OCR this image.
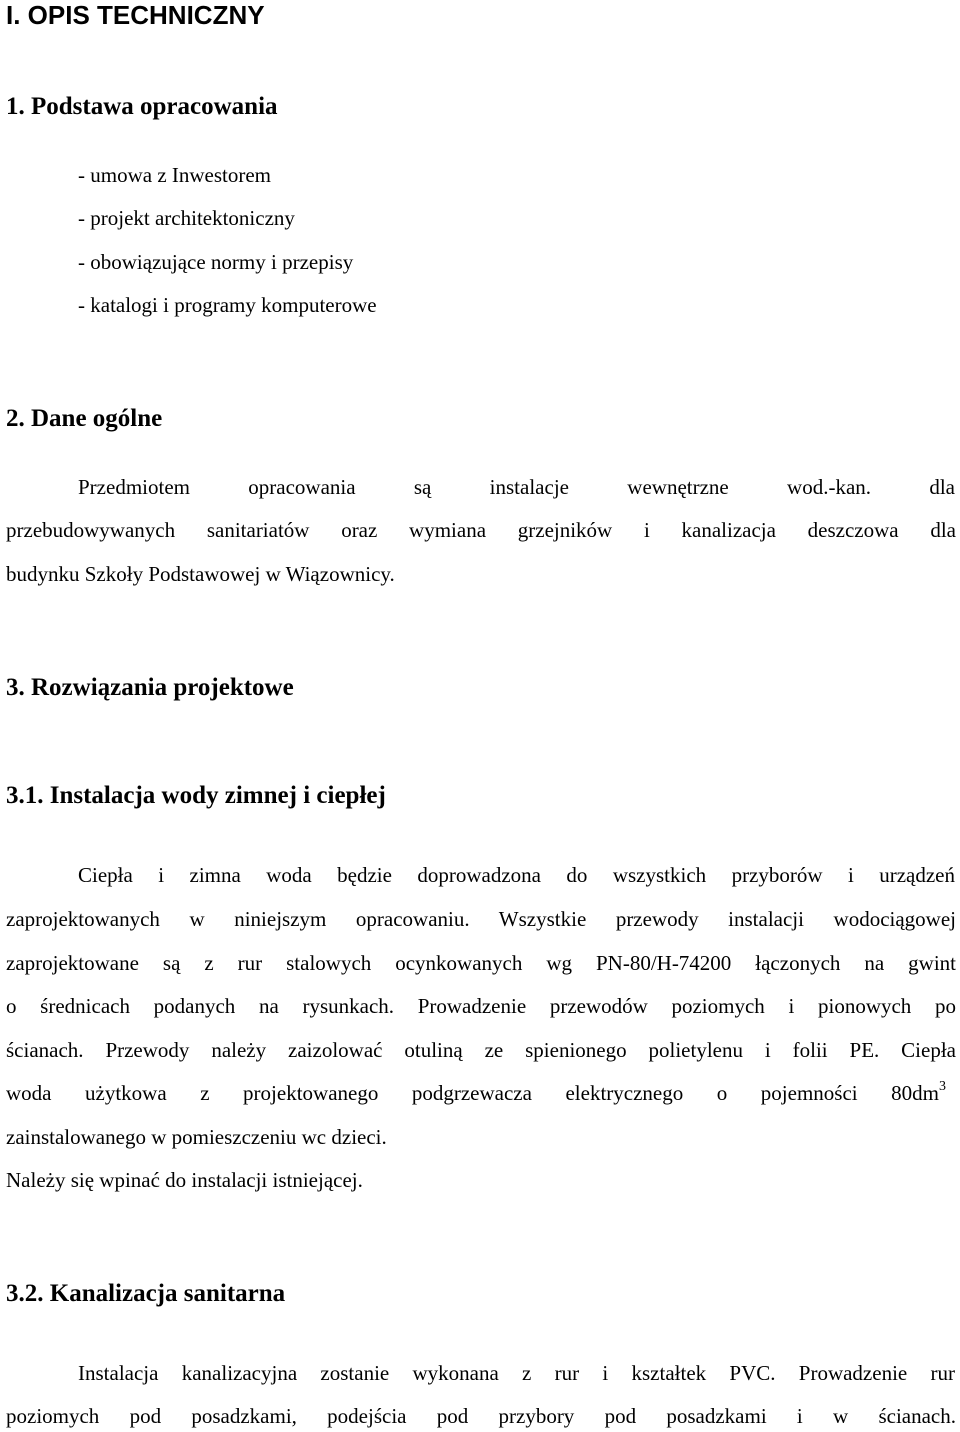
I. OPIS TECHNICZNY
1. Podstawa opracowania

- umowa z Inwestorem

- projekt architektoniczny

- obowiązujące normy i przepisy

- katalogi i programy komputerowe

2. Dane ogólne

Przedmiotem opracowania są instalacje wewnętrzne wod.-kan. dla

przebudowywanych sanitariatów oraz wymiana grzejników i kanalizacja deszczowa dla

budynku Szkoły Podstawowej w Wiązownicy.

3. Rozwiązania projektowe
3.1. Instalacja wody zimnej i ciepłej

Ciepła i zimna woda będzie doprowadzona do wszystkich przyborów i urządzeń

zaprojektowanych w niniejszym opracowaniu. Wszystkie przewody instalacji wodociągowej

zaprojektowane są z rur stalowych ocynkowanych wg PN-80/H-74200 łączonych na gwint

o średnicach podanych na rysunkach. Prowadzenie przewodów poziomych i pionowych po

ścianach. Przewody należy zaizolować otuliną ze spienionego polietylenu i folii PE. Ciepła

woda użytkowa z projektowanego podgrzewacza elektrycznego o pojemności $80dm^3$

zainstalowanego w pomieszczeniu wc dzieci.

Należy się wpinać do instalacji istniejącej.

3.2. Kanalizacja sanitarna

Instalacja kanalizacyjna zostanie wykonana z rur i kształtek PVC. Prowadzenie rur

poziomych pod posadzkami, podejścia pod przybory pod posadzkami i w ścianach.
